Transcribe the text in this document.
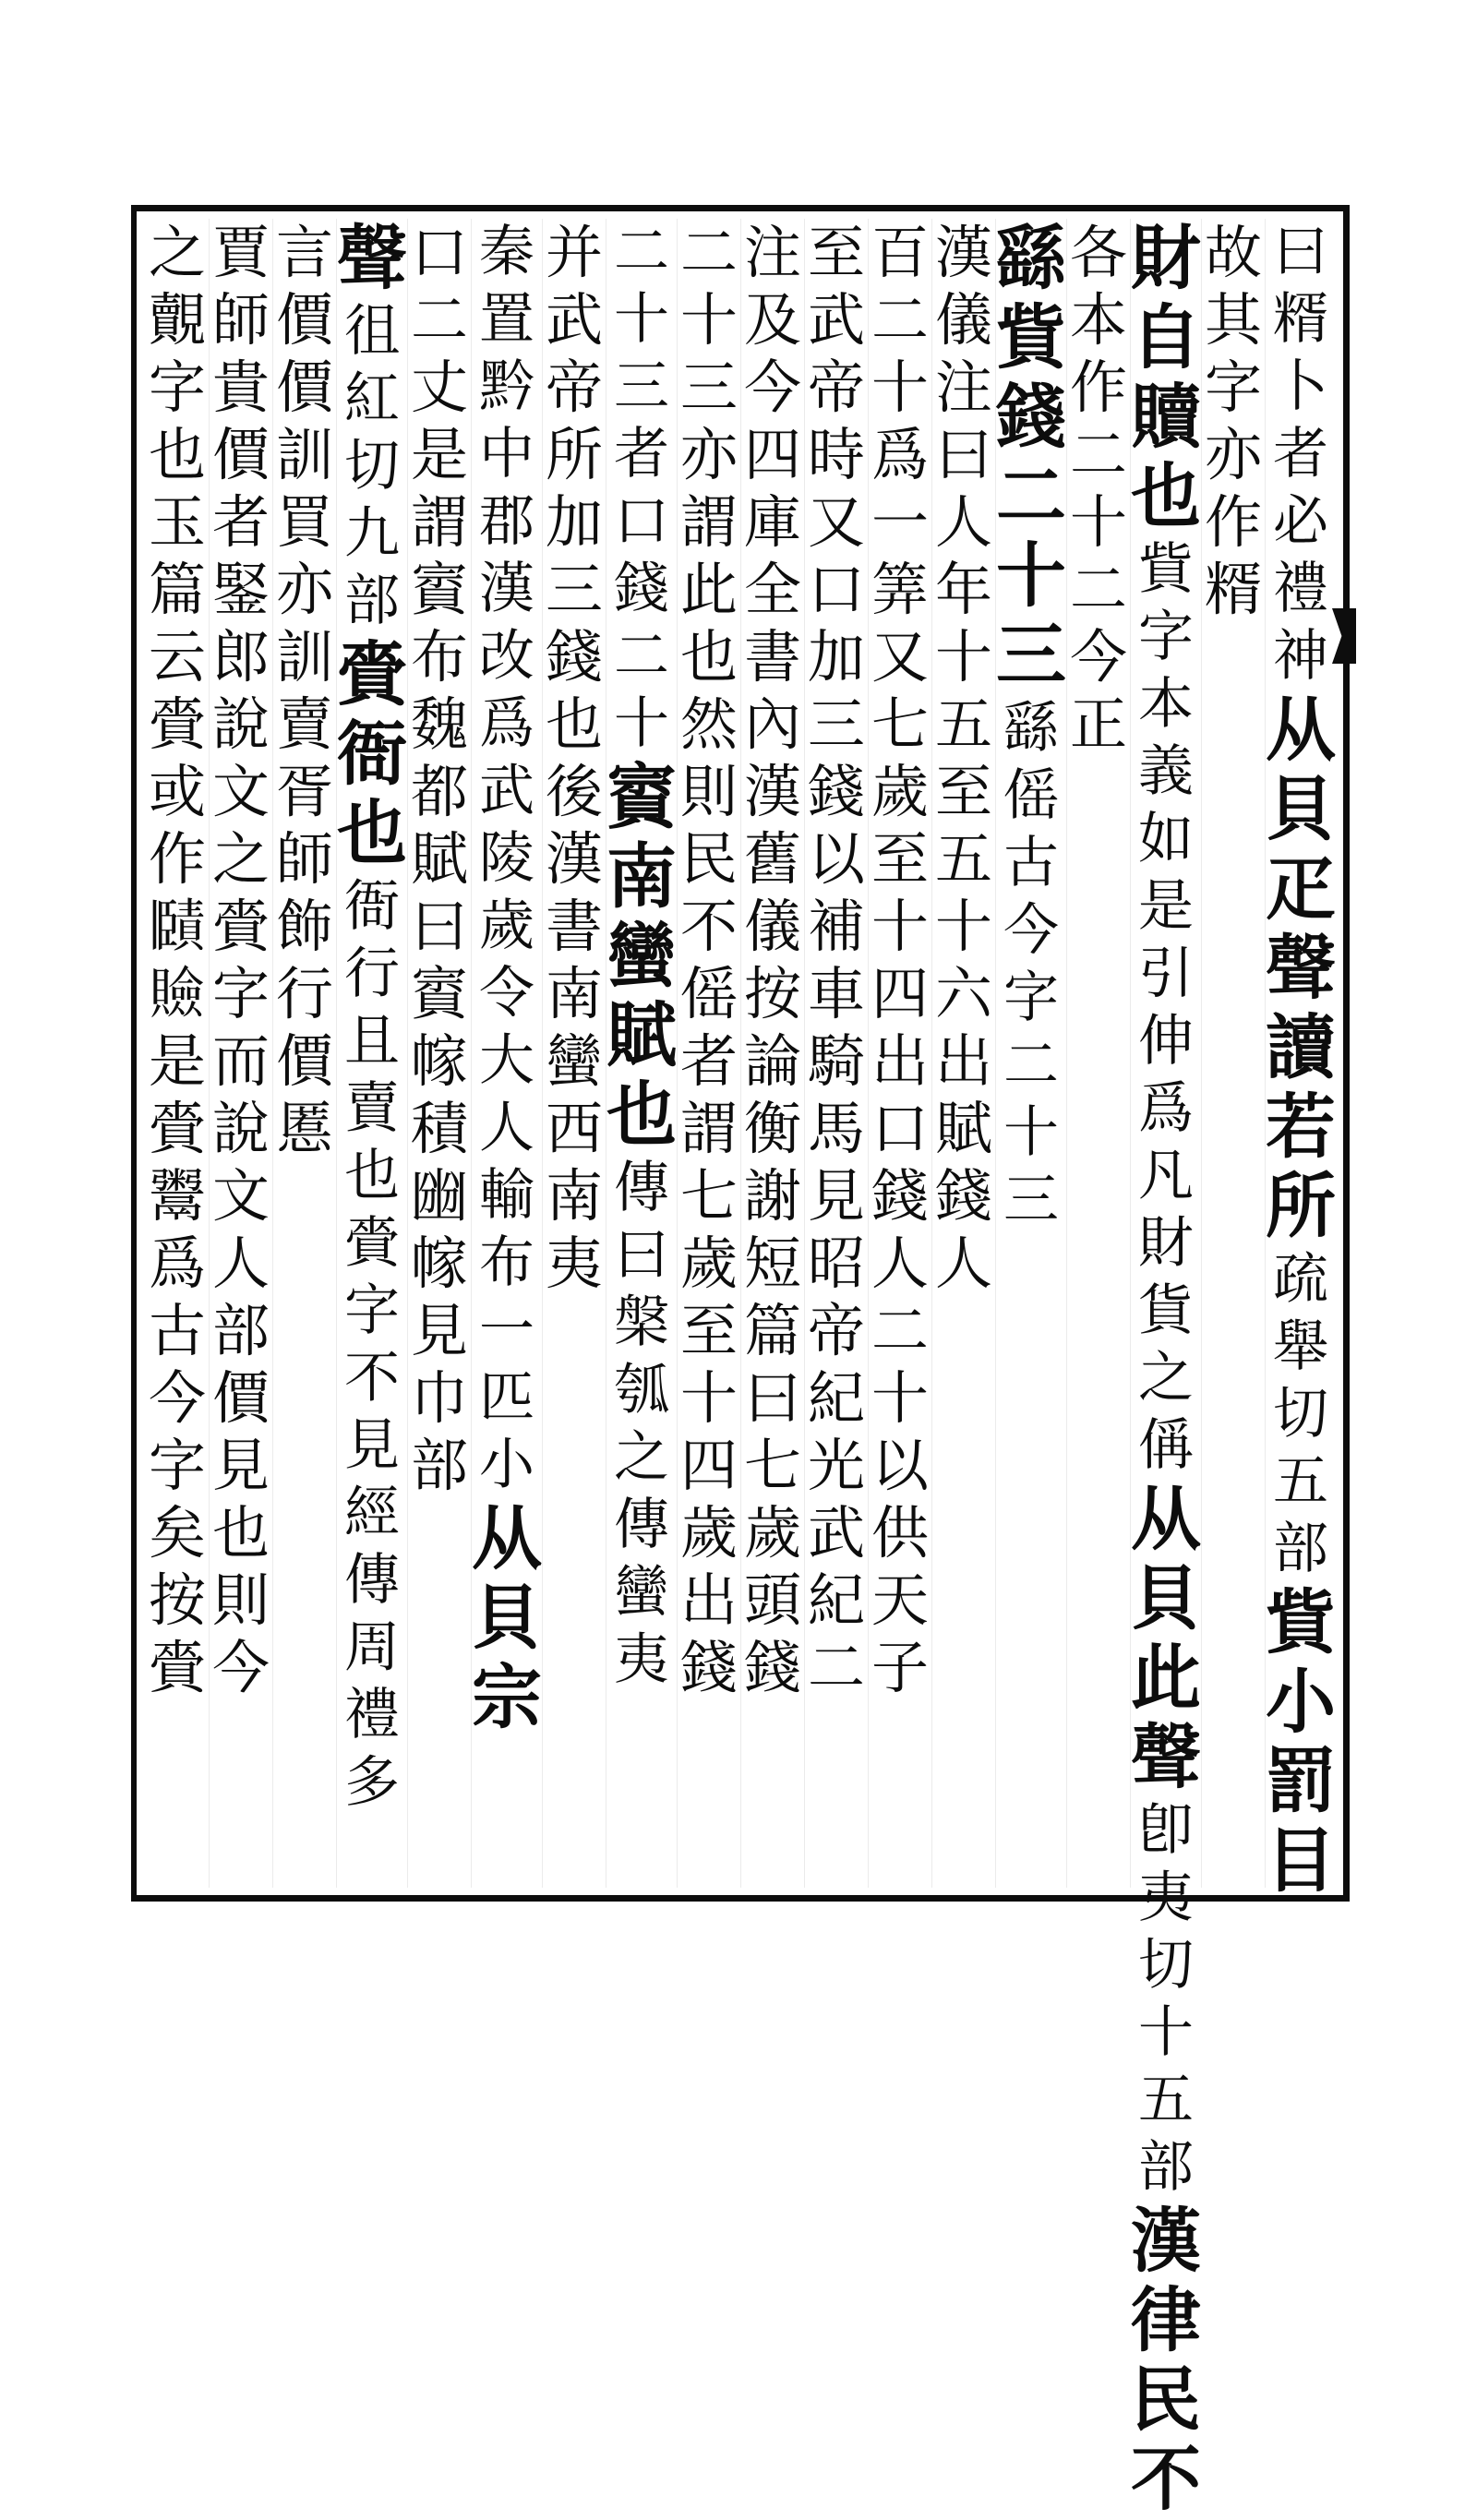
曰
糈
卜
者
必
禮
神
从
貝
疋
聲
讀
若
所
疏
舉
切
五
部
貲
小
罰
目
故
其
字
亦
作
糈
財
自
贖
也
貲
字
本
義
如
是
引
伸
爲
凡
財
貨
之
偁
从
貝
此
聲
卽
夷
切
十
五
部
漢
律
民
不
各
本
作
二
十
二
今
正
繇
貲
錢
二
十
三
繇
傜
古
今
字
二
十
三
漢
儀
注
曰
人
年
十
五
至
五
十
六
出
賦
錢
人
百
二
十
爲
一
筭
又
七
歲
至
十
四
出
口
錢
人
二
十
以
供
天
子
至
武
帝
時
又
口
加
三
錢
以
補
車
騎
馬
見
昭
帝
紀
光
武
紀
二
注
及
今
四
庫
全
書
內
漢
舊
儀
按
論
衡
謝
短
篇
曰
七
歲
頭
錢
二
十
三
亦
謂
此
也
然
則
民
不
傜
者
謂
七
歲
至
十
四
歲
出
錢
二
十
三
者
口
錢
二
十
賨
南
蠻
賦
也
傳
曰
槃
瓠
之
傳
蠻
夷
并
武
帝
所
加
三
錢
也
後
漢
書
南
蠻
西
南
夷
秦
置
黔
中
郡
漢
改
爲
武
陵
歲
令
大
人
輸
布
一
匹
小
从
貝
宗
口
二
丈
是
謂
賨
布
魏
都
賦
曰
賨
幏
積
㟗
幏
見
巾
部
聲
徂
紅
切
九
部
賫
衙
也
衙
行
且
賣
也
賫
字
不
見
經
傳
周
禮
多
言
價
價
訓
買
亦
訓
賣
胥
師
飾
行
價
慝
賈
師
貴
價
者
鋻
郎
說
文
之
賫
字
而
說
文
人
部
價
見
也
則
今
之
覿
字
也
玉
篇
云
賫
或
作
𧷤
𧸘
是
賫
鬻
爲
古
今
字
矣
按
賫
